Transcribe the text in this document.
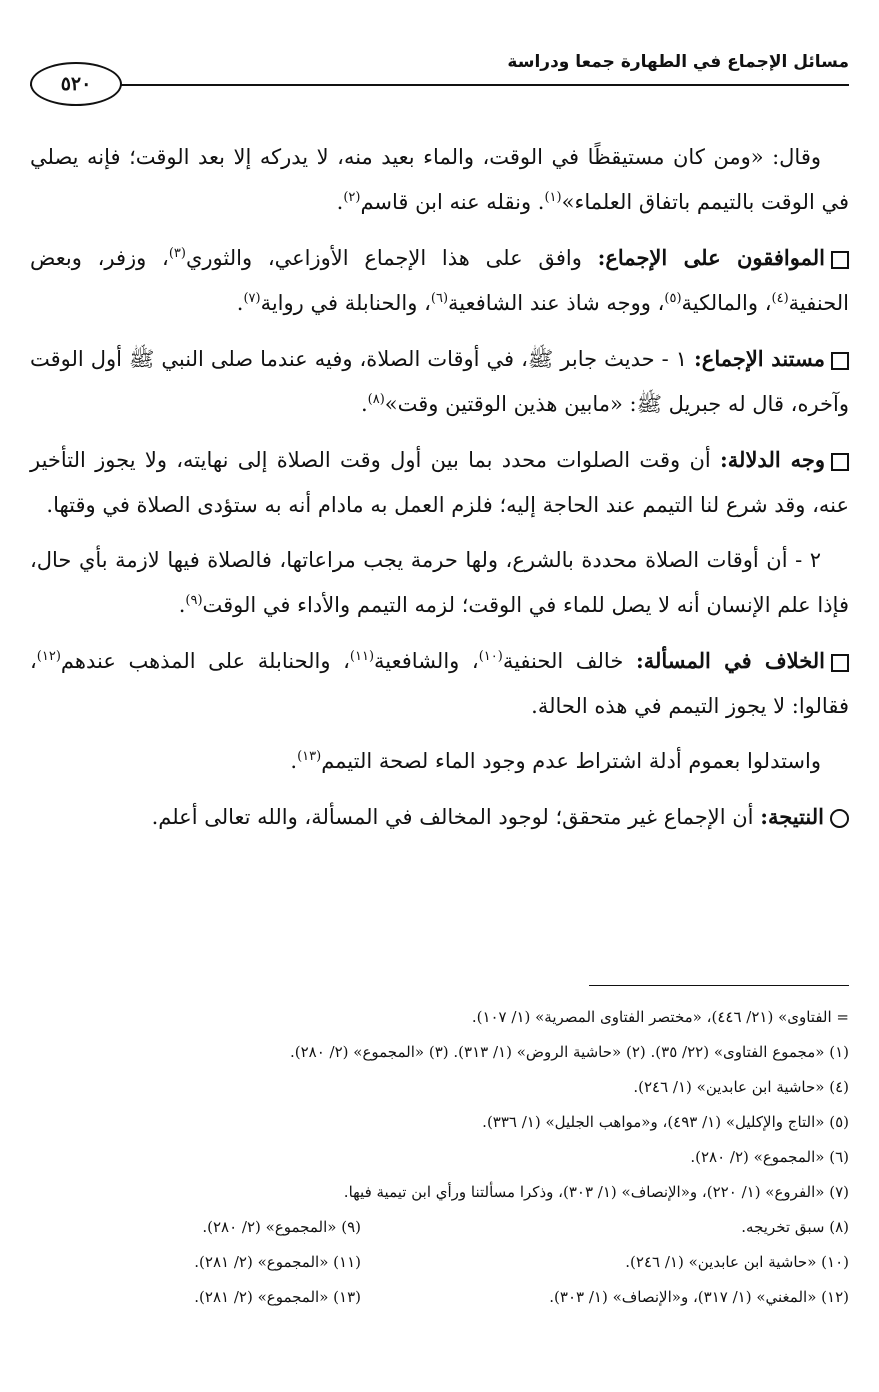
مسائل الإجماع في الطهارة جمعا ودراسة
٥٢٠

وقال: «ومن كان مستيقظًا في الوقت، والماء بعيد منه، لا يدركه إلا بعد الوقت؛ فإنه يصلي في الوقت بالتيمم باتفاق العلماء»$^{(١)}$. ونقله عنه ابن قاسم$^{(٢)}$.

الموافقون على الإجماع: وافق على هذا الإجماع الأوزاعي، والثوري$^{(٣)}$، وزفر، وبعض الحنفية$^{(٤)}$، والمالكية$^{(٥)}$، ووجه شاذ عند الشافعية$^{(٦)}$، والحنابلة في رواية$^{(٧)}$.

مستند الإجماع: ١ - حديث جابر ﷺ، في أوقات الصلاة، وفيه عندما صلى النبي ﷺ أول الوقت وآخره، قال له جبريل ﷺ: «مابين هذين الوقتين وقت»$^{(٨)}$.

وجه الدلالة: أن وقت الصلوات محدد بما بين أول وقت الصلاة إلى نهايته، ولا يجوز التأخير عنه، وقد شرع لنا التيمم عند الحاجة إليه؛ فلزم العمل به مادام أنه به ستؤدى الصلاة في وقتها.

٢ - أن أوقات الصلاة محددة بالشرع، ولها حرمة يجب مراعاتها، فالصلاة فيها لازمة بأي حال، فإذا علم الإنسان أنه لا يصل للماء في الوقت؛ لزمه التيمم والأداء في الوقت$^{(٩)}$.

الخلاف في المسألة: خالف الحنفية$^{(١٠)}$، والشافعية$^{(١١)}$، والحنابلة على المذهب عندهم$^{(١٢)}$، فقالوا: لا يجوز التيمم في هذه الحالة.

واستدلوا بعموم أدلة اشتراط عدم وجود الماء لصحة التيمم$^{(١٣)}$.

النتيجة: أن الإجماع غير متحقق؛ لوجود المخالف في المسألة، والله تعالى أعلم.

= الفتاوى» (٢١/ ٤٤٦)، «مختصر الفتاوى المصرية» (١/ ١٠٧).
(١) «مجموع الفتاوى» (٢٢/ ٣٥). (٢) «حاشية الروض» (١/ ٣١٣). (٣) «المجموع» (٢/ ٢٨٠).
(٤) «حاشية ابن عابدين» (١/ ٢٤٦).
(٥) «التاج والإكليل» (١/ ٤٩٣)، و«مواهب الجليل» (١/ ٣٣٦).
(٦) «المجموع» (٢/ ٢٨٠).
(٧) «الفروع» (١/ ٢٢٠)، و«الإنصاف» (١/ ٣٠٣)، وذكرا مسألتنا ورأي ابن تيمية فيها.
(٨) سبق تخريجه.
(٩) «المجموع» (٢/ ٢٨٠).
(١٠) «حاشية ابن عابدين» (١/ ٢٤٦).
(١١) «المجموع» (٢/ ٢٨١).
(١٢) «المغني» (١/ ٣١٧)، و«الإنصاف» (١/ ٣٠٣).
(١٣) «المجموع» (٢/ ٢٨١).
